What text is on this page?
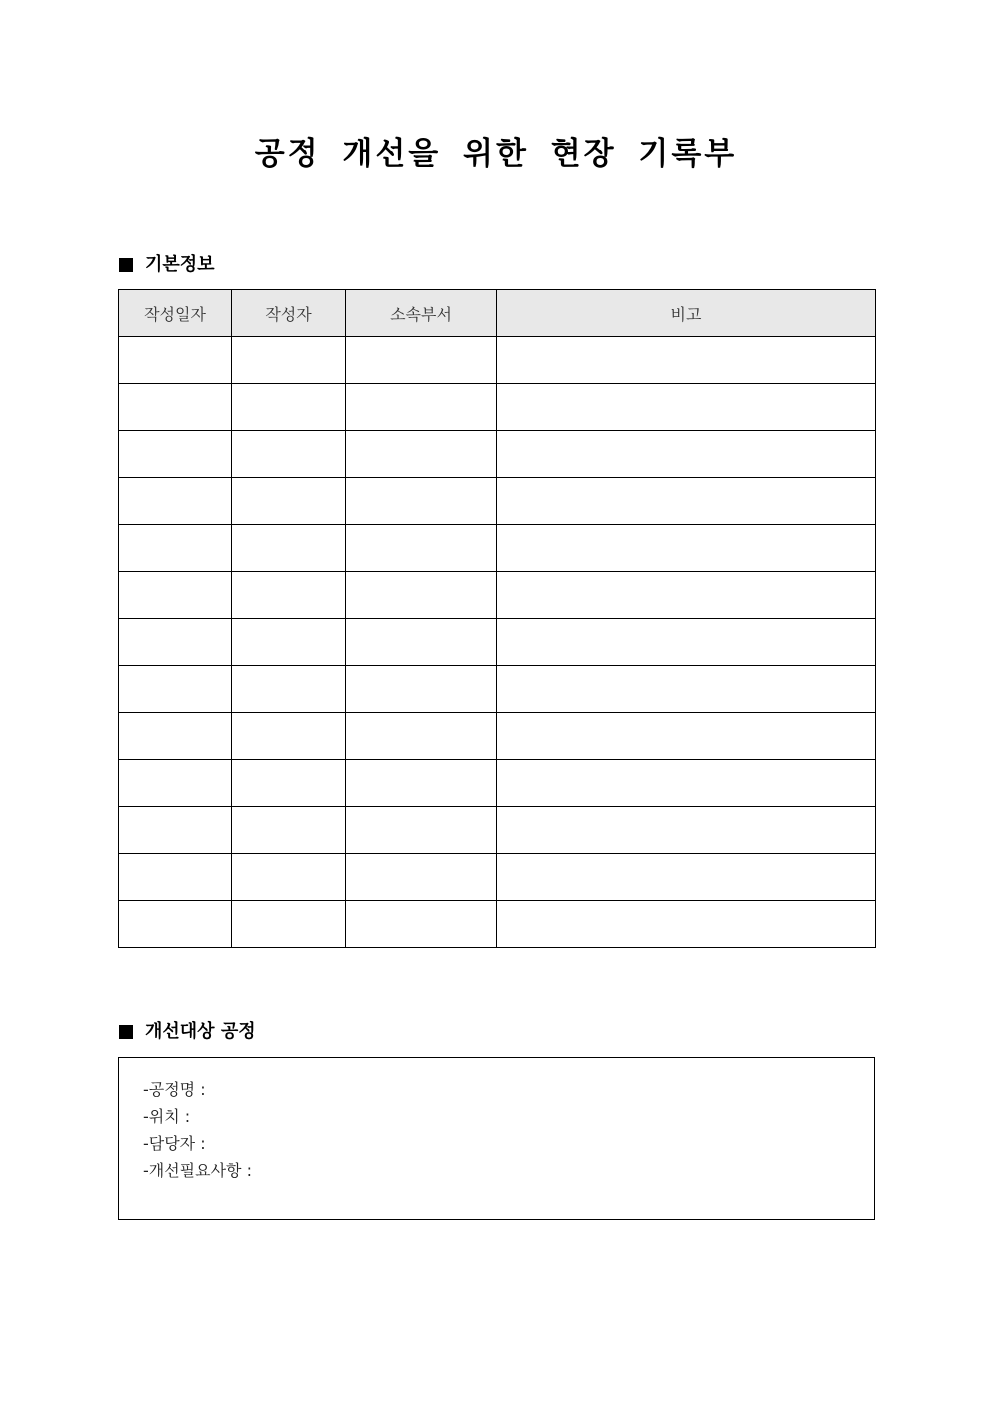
공정 개선을 위한 현장 기록부
기본정보
작성일자	작성자	소속부서	비고

개선대상 공정
-공정명 :
-위치 :
-담당자 :
-개선필요사항 :
